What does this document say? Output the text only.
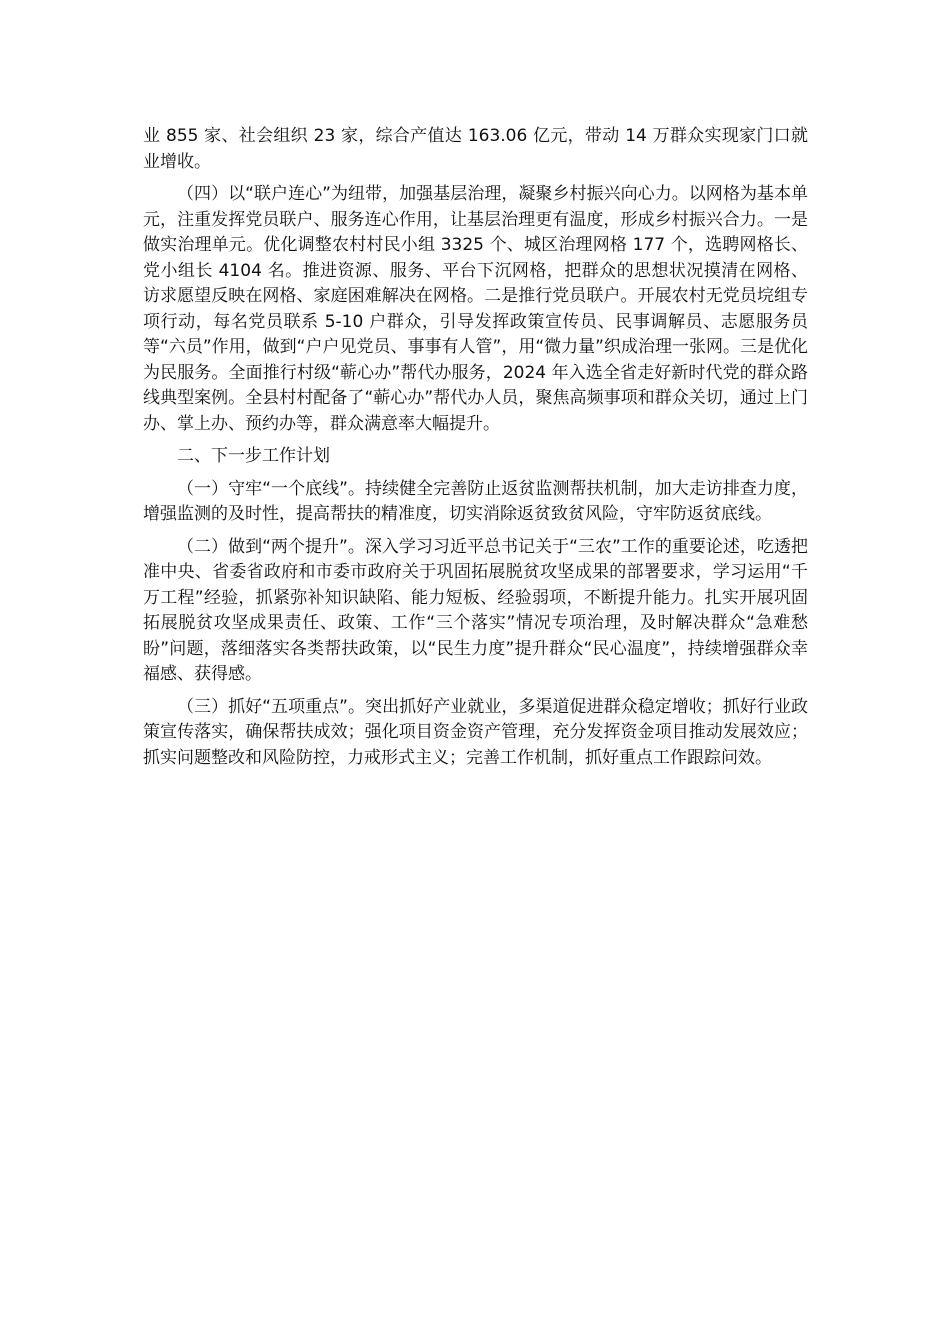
业 855 家、社会组织 23 家，综合产值达 163.06 亿元，带动 14 万群众实现家门口就业增收。

（四）以“联户连心”为纽带，加强基层治理，凝聚乡村振兴向心力。以网格为基本单元，注重发挥党员联户、服务连心作用，让基层治理更有温度，形成乡村振兴合力。一是做实治理单元。优化调整农村村民小组 3325 个、城区治理网格 177 个，选聘网格长、党小组长 4104 名。推进资源、服务、平台下沉网格，把群众的思想状况摸清在网格、访求愿望反映在网格、家庭困难解决在网格。二是推行党员联户。开展农村无党员垸组专项行动，每名党员联系 5-10 户群众，引导发挥政策宣传员、民事调解员、志愿服务员等“六员”作用，做到“户户见党员、事事有人管”，用“微力量”织成治理一张网。三是优化为民服务。全面推行村级“蕲心办”帮代办服务，2024 年入选全省走好新时代党的群众路线典型案例。全县村村配备了“蕲心办”帮代办人员，聚焦高频事项和群众关切，通过上门办、掌上办、预约办等，群众满意率大幅提升。

二、下一步工作计划

（一）守牢“一个底线”。持续健全完善防止返贫监测帮扶机制，加大走访排查力度，增强监测的及时性，提高帮扶的精准度，切实消除返贫致贫风险，守牢防返贫底线。

（二）做到“两个提升”。深入学习习近平总书记关于“三农”工作的重要论述，吃透把准中央、省委省政府和市委市政府关于巩固拓展脱贫攻坚成果的部署要求，学习运用“千万工程”经验，抓紧弥补知识缺陷、能力短板、经验弱项，不断提升能力。扎实开展巩固拓展脱贫攻坚成果责任、政策、工作“三个落实”情况专项治理，及时解决群众“急难愁盼”问题，落细落实各类帮扶政策，以“民生力度”提升群众“民心温度”，持续增强群众幸福感、获得感。

（三）抓好“五项重点”。突出抓好产业就业，多渠道促进群众稳定增收；抓好行业政策宣传落实，确保帮扶成效；强化项目资金资产管理，充分发挥资金项目推动发展效应；抓实问题整改和风险防控，力戒形式主义；完善工作机制，抓好重点工作跟踪问效。
